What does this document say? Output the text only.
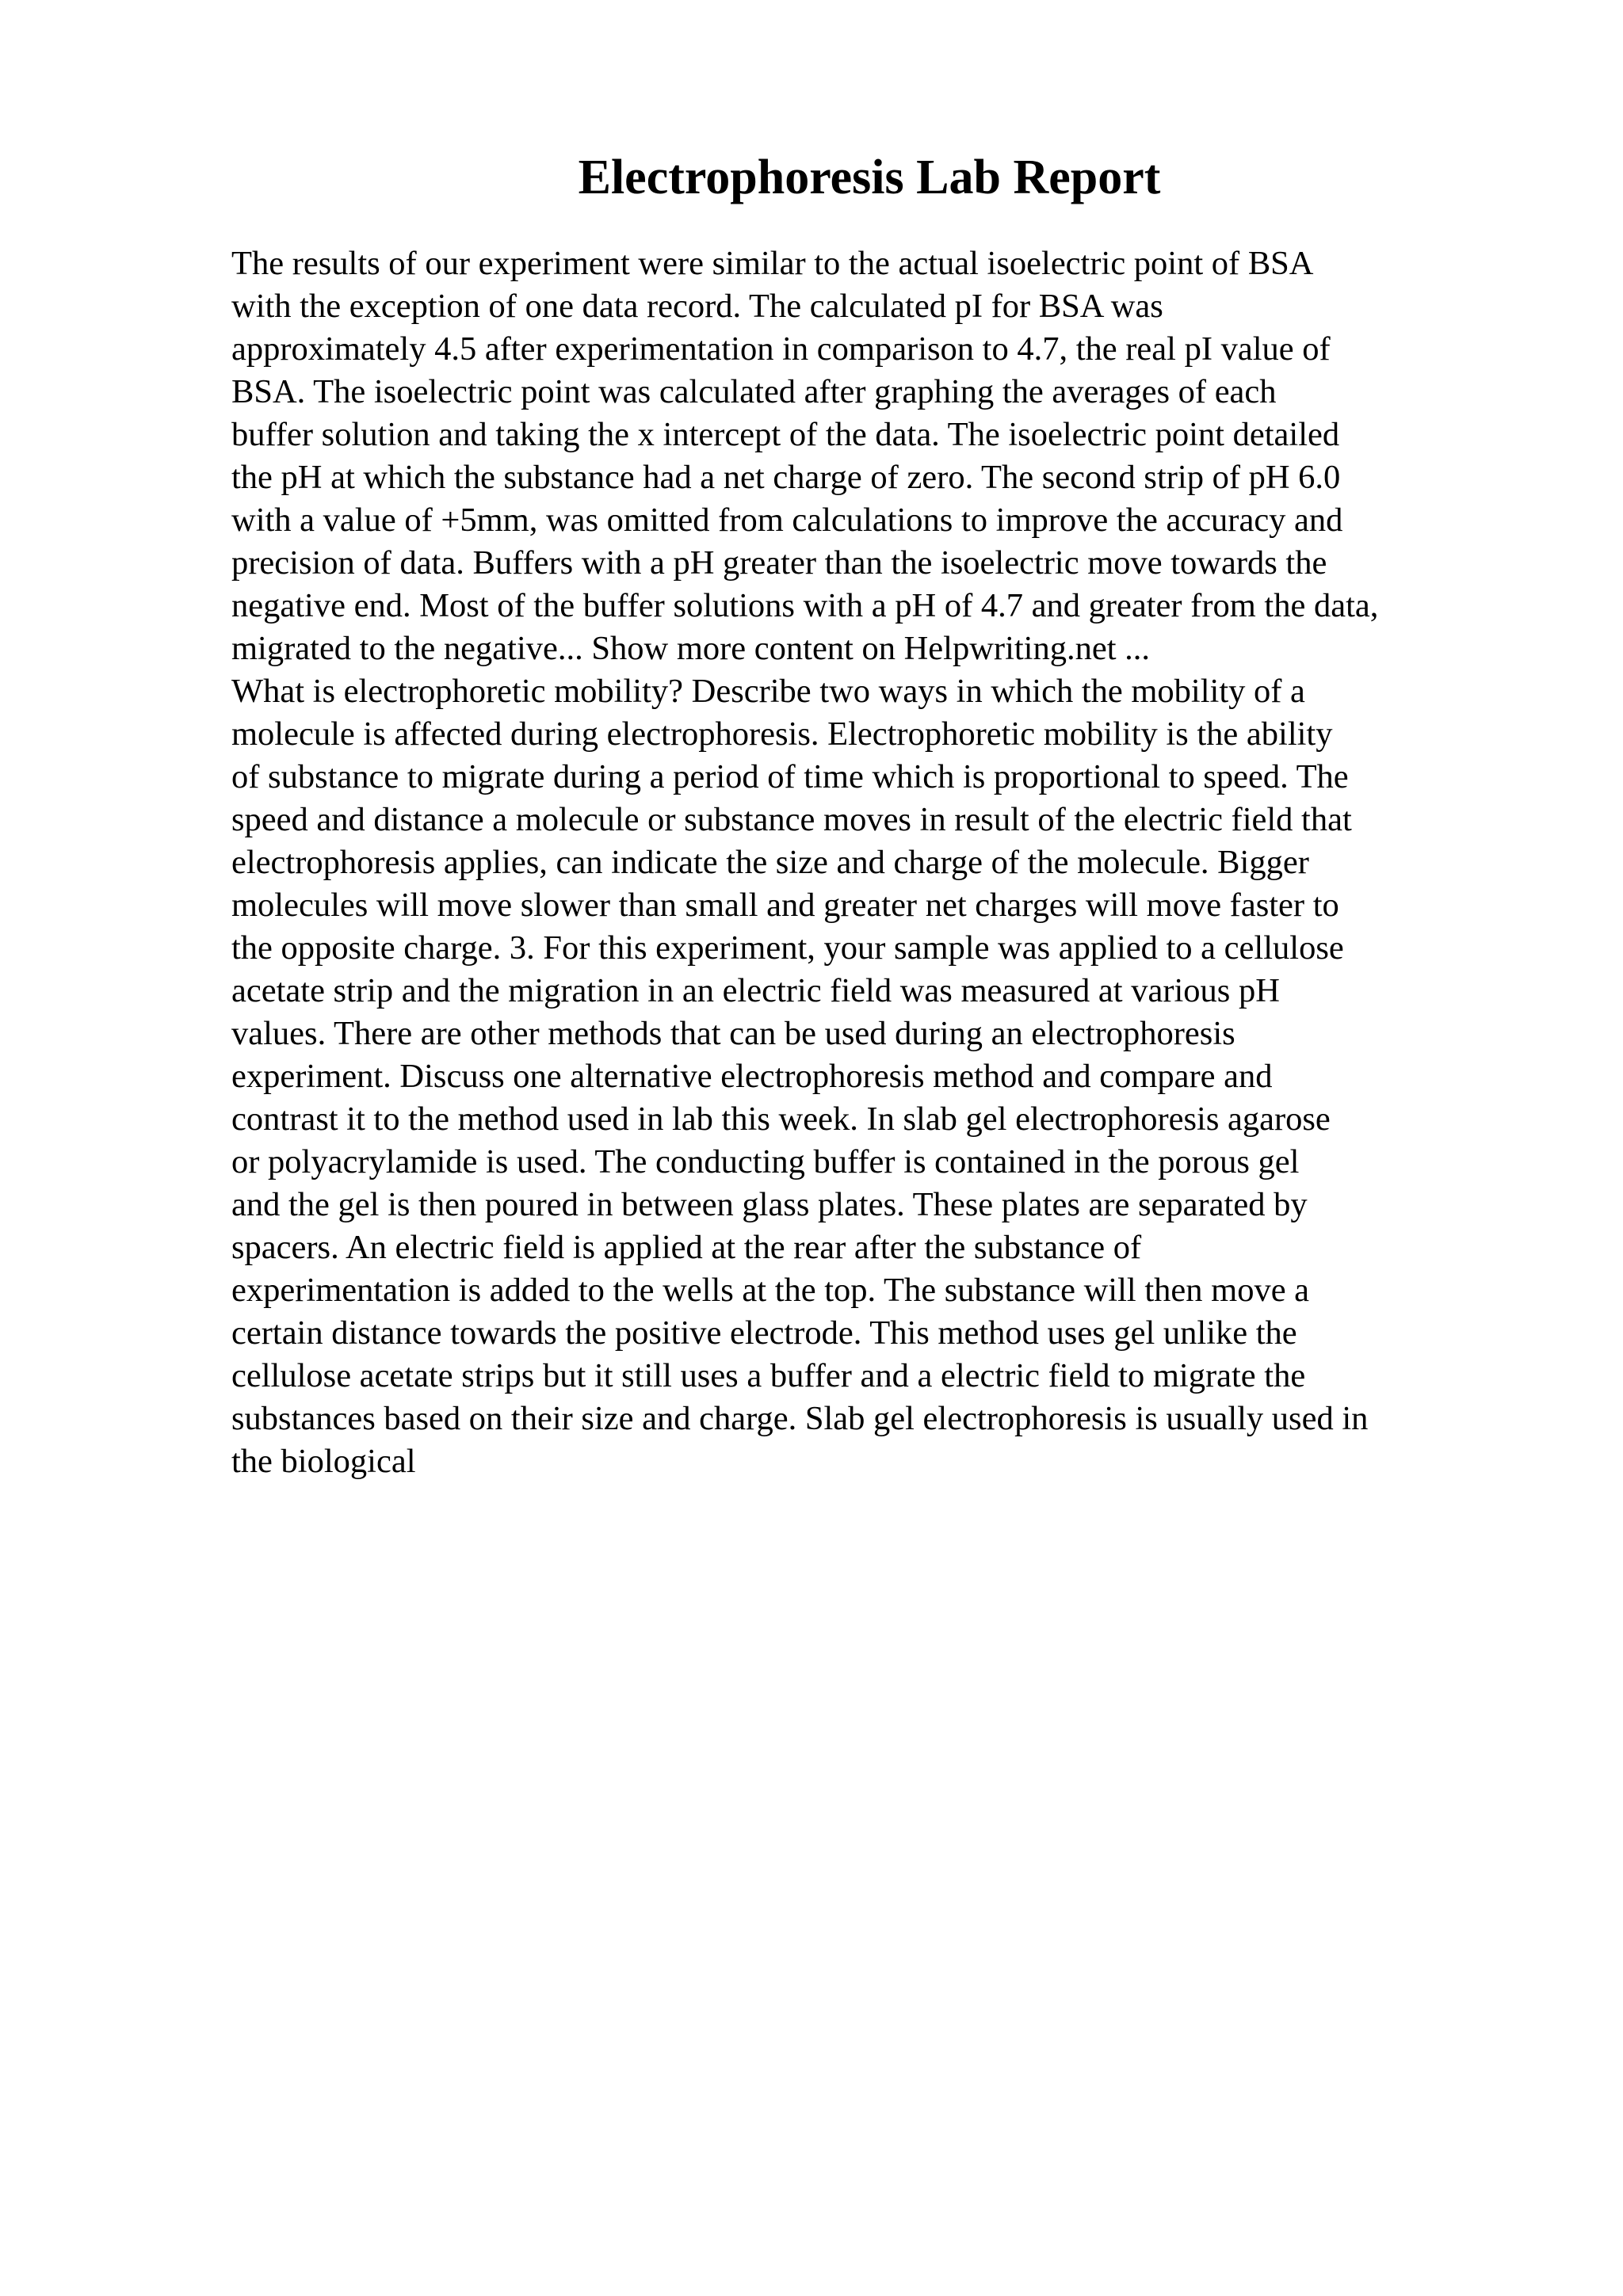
Electrophoresis Lab Report
The results of our experiment were similar to the actual isoelectric point of BSA
with the exception of one data record. The calculated pI for BSA was
approximately 4.5 after experimentation in comparison to 4.7, the real pI value of
BSA. The isoelectric point was calculated after graphing the averages of each
buffer solution and taking the x intercept of the data. The isoelectric point detailed
the pH at which the substance had a net charge of zero. The second strip of pH 6.0
with a value of +5mm, was omitted from calculations to improve the accuracy and
precision of data. Buffers with a pH greater than the isoelectric move towards the
negative end. Most of the buffer solutions with a pH of 4.7 and greater from the data,
migrated to the negative... Show more content on Helpwriting.net ...
What is electrophoretic mobility? Describe two ways in which the mobility of a
molecule is affected during electrophoresis. Electrophoretic mobility is the ability
of substance to migrate during a period of time which is proportional to speed. The
speed and distance a molecule or substance moves in result of the electric field that
electrophoresis applies, can indicate the size and charge of the molecule. Bigger
molecules will move slower than small and greater net charges will move faster to
the opposite charge. 3. For this experiment, your sample was applied to a cellulose
acetate strip and the migration in an electric field was measured at various pH
values. There are other methods that can be used during an electrophoresis
experiment. Discuss one alternative electrophoresis method and compare and
contrast it to the method used in lab this week. In slab gel electrophoresis agarose
or polyacrylamide is used. The conducting buffer is contained in the porous gel
and the gel is then poured in between glass plates. These plates are separated by
spacers. An electric field is applied at the rear after the substance of
experimentation is added to the wells at the top. The substance will then move a
certain distance towards the positive electrode. This method uses gel unlike the
cellulose acetate strips but it still uses a buffer and a electric field to migrate the
substances based on their size and charge. Slab gel electrophoresis is usually used in
the biological
